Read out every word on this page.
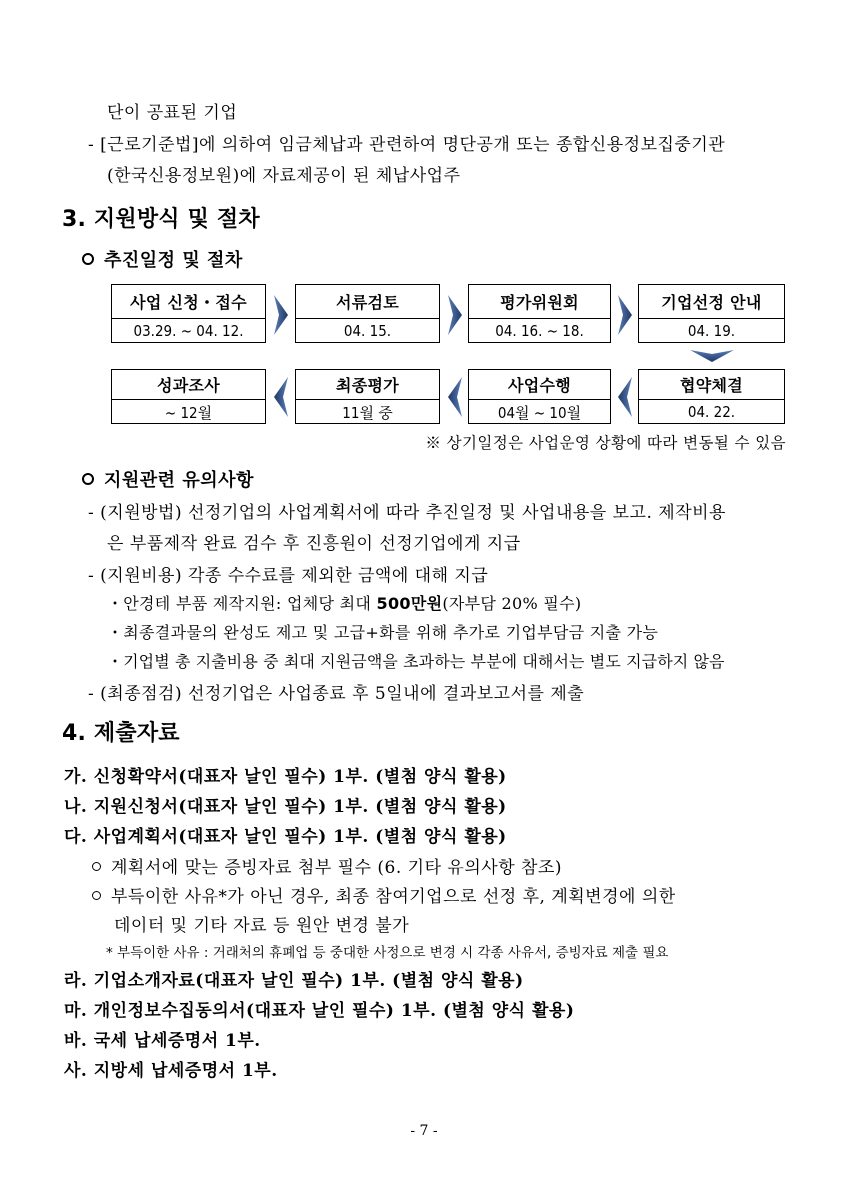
단이 공표된 기업
- [근로기준법]에 의하여 임금체납과 관련하여 명단공개 또는 종합신용정보집중기관
(한국신용정보원)에 자료제공이 된 체납사업주
3. 지원방식 및 절차
추진일정 및 절차
사업 신청・접수
03.29. ~ 04. 12.
서류검토
04. 15.
평가위원회
04. 16. ~ 18.
기업선정 안내
04. 19.
성과조사
~ 12월
최종평가
11월 중
사업수행
04월 ~ 10월
협약체결
04. 22.
※ 상기일정은 사업운영 상황에 따라 변동될 수 있음
지원관련 유의사항
- (지원방법) 선정기업의 사업계획서에 따라 추진일정 및 사업내용을 보고. 제작비용
은 부품제작 완료 검수 후 진흥원이 선정기업에게 지급
- (지원비용) 각종 수수료를 제외한 금액에 대해 지급
・안경테 부품 제작지원: 업체당 최대 500만원(자부담 20% 필수)
・최종결과물의 완성도 제고 및 고급+화를 위해 추가로 기업부담금 지출 가능
・기업별 총 지출비용 중 최대 지원금액을 초과하는 부분에 대해서는 별도 지급하지 않음
- (최종점검) 선정기업은 사업종료 후 5일내에 결과보고서를 제출
4. 제출자료
가. 신청확약서(대표자 날인 필수) 1부. (별첨 양식 활용)
나. 지원신청서(대표자 날인 필수) 1부. (별첨 양식 활용)
다. 사업계획서(대표자 날인 필수) 1부. (별첨 양식 활용)
계획서에 맞는 증빙자료 첨부 필수 (6. 기타 유의사항 참조)
부득이한 사유*가 아닌 경우, 최종 참여기업으로 선정 후, 계획변경에 의한
데이터 및 기타 자료 등 원안 변경 불가
* 부득이한 사유 : 거래처의 휴폐업 등 중대한 사정으로 변경 시 각종 사유서, 증빙자료 제출 필요
라. 기업소개자료(대표자 날인 필수) 1부. (별첨 양식 활용)
마. 개인정보수집동의서(대표자 날인 필수) 1부. (별첨 양식 활용)
바. 국세 납세증명서 1부.
사. 지방세 납세증명서 1부.
- 7 -
